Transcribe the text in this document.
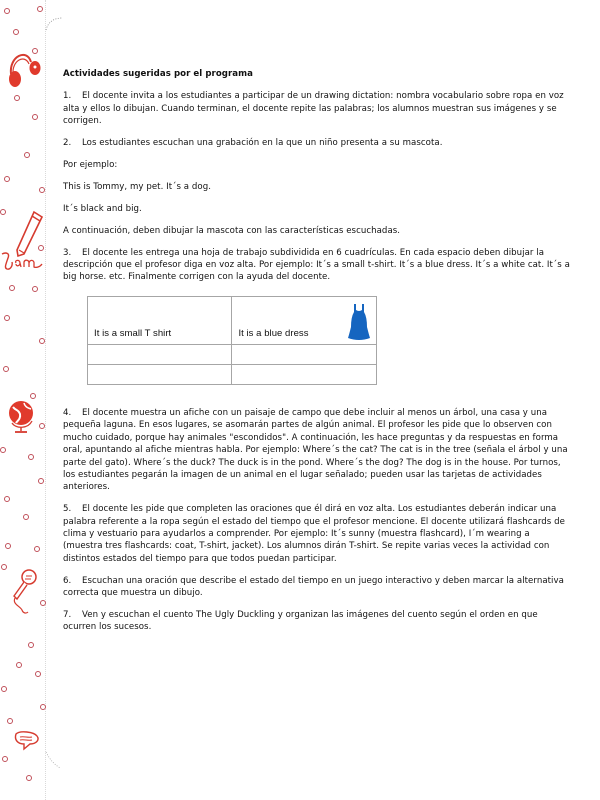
Actividades sugeridas por el programa

1. El docente invita a los estudiantes a participar de un drawing dictation: nombra vocabulario sobre ropa en voz alta y ellos lo dibujan. Cuando terminan, el docente repite las palabras; los alumnos muestran sus imágenes y se corrigen.

2. Los estudiantes escuchan una grabación en la que un niño presenta a su mascota.

Por ejemplo:

This is Tommy, my pet. It´s a dog.

It´s black and big.

A continuación, deben dibujar la mascota con las características escuchadas.

3. El docente les entrega una hoja de trabajo subdividida en 6 cuadrículas. En cada espacio deben dibujar la descripción que el profesor diga en voz alta. Por ejemplo: It´s a small t-shirt. It´s a blue dress. It´s a white cat. It´s a big horse. etc. Finalmente corrigen con la ayuda del docente.

It is a small T shirt	It is a blue dress

4. El docente muestra un afiche con un paisaje de campo que debe incluir al menos un árbol, una casa y una pequeña laguna. En esos lugares, se asomarán partes de algún animal. El profesor les pide que lo observen con mucho cuidado, porque hay animales "escondidos". A continuación, les hace preguntas y da respuestas en forma oral, apuntando al afiche mientras habla. Por ejemplo: Where´s the cat? The cat is in the tree (señala el árbol y una parte del gato). Where´s the duck? The duck is in the pond. Where´s the dog? The dog is in the house. Por turnos, los estudiantes pegarán la imagen de un animal en el lugar señalado; pueden usar las tarjetas de actividades anteriores.

5. El docente les pide que completen las oraciones que él dirá en voz alta. Los estudiantes deberán indicar una palabra referente a la ropa según el estado del tiempo que el profesor mencione. El docente utilizará flashcards de clima y vestuario para ayudarlos a comprender. Por ejemplo: It´s sunny (muestra flashcard), I´m wearing a                (muestra tres flashcards: coat, T-shirt, jacket). Los alumnos dirán T-shirt. Se repite varias veces la actividad con distintos estados del tiempo para que todos puedan participar.

6. Escuchan una oración que describe el estado del tiempo en un juego interactivo y deben marcar la alternativa correcta que muestra un dibujo.

7. Ven y escuchan el cuento The Ugly Duckling y organizan las imágenes del cuento según el orden en que ocurren los sucesos.
